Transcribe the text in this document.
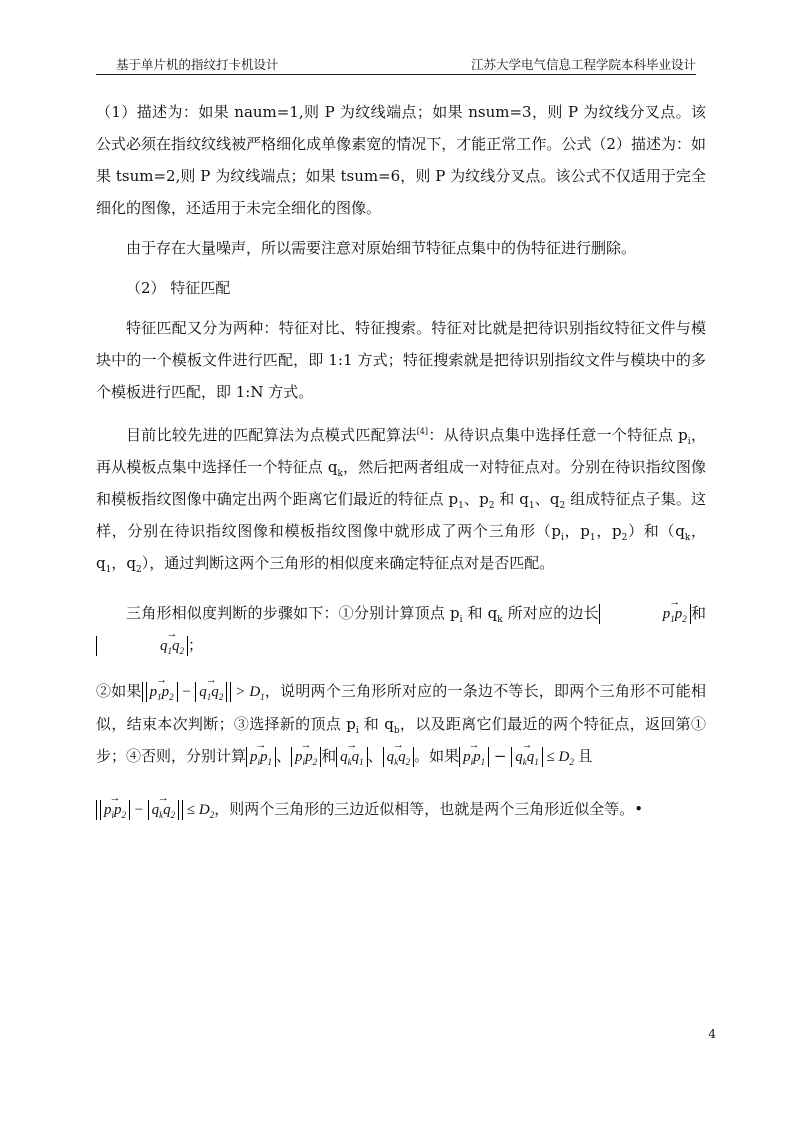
基于单片机的指纹打卡机设计	江苏大学电气信息工程学院本科毕业设计

（1）描述为：如果 naum=1,则 P 为纹线端点；如果 nsum=3，则 P 为纹线分叉点。该公式必须在指纹纹线被严格细化成单像素宽的情况下，才能正常工作。公式（2）描述为：如果 tsum=2,则 P 为纹线端点；如果 tsum=6，则 P 为纹线分叉点。该公式不仅适用于完全细化的图像，还适用于未完全细化的图像。

由于存在大量噪声，所以需要注意对原始细节特征点集中的伪特征进行删除。

（2） 特征匹配

特征匹配又分为两种：特征对比、特征搜索。特征对比就是把待识别指纹特征文件与模块中的一个模板文件进行匹配，即 1:1 方式；特征搜索就是把待识别指纹文件与模块中的多个模板进行匹配，即 1:N 方式。

目前比较先进的匹配算法为点模式匹配算法[4]：从待识点集中选择任意一个特征点 $p_i$，再从模板点集中选择任一个特征点 $q_k$，然后把两者组成一对特征点对。分别在待识指纹图像和模板指纹图像中确定出两个距离它们最近的特征点 $p_1$、$p_2$ 和 $q_1$、$q_2$ 组成特征点子集。这样，分别在待识指纹图像和模板指纹图像中就形成了两个三角形（$p_i$，$p_1$，$p_2$）和（$q_k$，$q_1$，$q_2$），通过判断这两个三角形的相似度来确定特征点对是否匹配。

三角形相似度判断的步骤如下：①分别计算顶点 $p_i$ 和 $q_k$ 所对应的边长	→ $p_1p_2$ 和→ $q_1q_2$ ；

②如果 → $p_1p_2$ − → $q_1q_2 > D_1$，说明两个三角形所对应的一条边不等长，即两个三角形不可能相似，结束本次判断；③选择新的顶点 $p_i$ 和 $q_b$，以及距离它们最近的两个特征点，返回第①步；④否则，分别计算 → $p_ip_1$ 、 → $p_ip_2$ 和 → $q_kq_1$ 、 → $q_kq_2$ 。如果 → $p_ip_1$ − → $q_kq_1 \le D_2$ 且

→ $p_ip_2$ − → $q_kq_2 \le D_2$，则两个三角形的三边近似相等，也就是两个三角形近似全等。•

4
